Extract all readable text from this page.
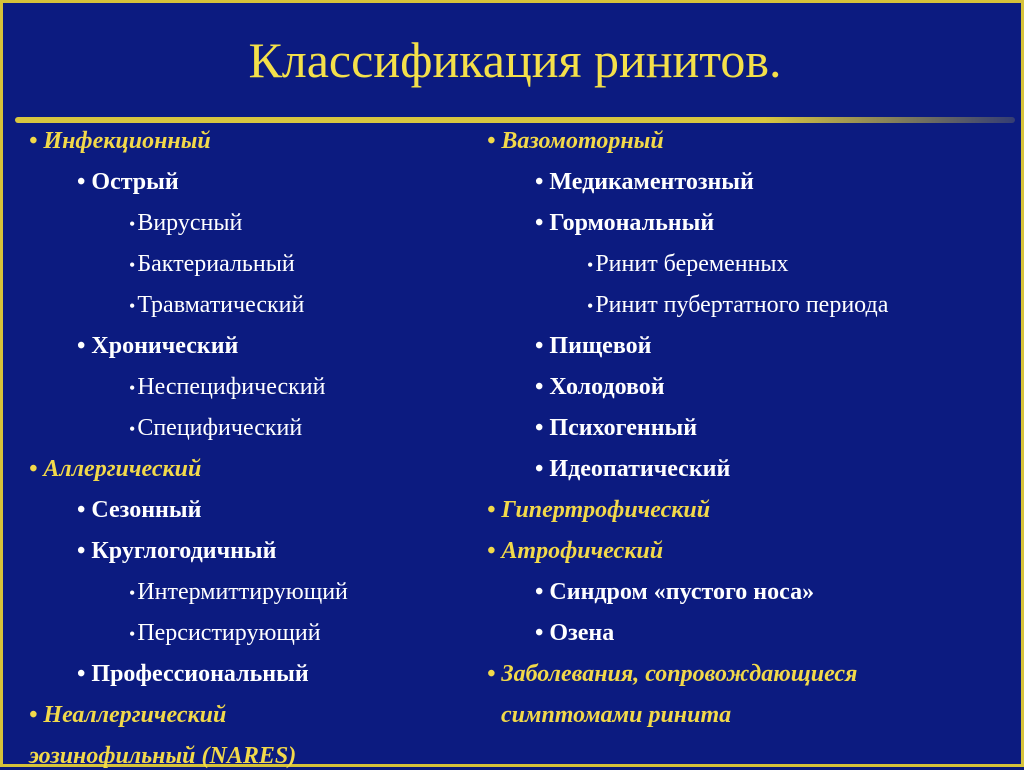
Классификация ринитов.
• Инфекционный
• Острый
•Вирусный
•Бактериальный
•Травматический
• Хронический
•Неспецифический
•Специфический
• Аллергический
• Сезонный
• Круглогодичный
•Интермиттирующий
•Персистирующий
• Профессиональный
• Неаллергический
эозинофильный (NARES)
• Вазомоторный
• Медикаментозный
• Гормональный
•Ринит беременных
•Ринит пубертатного периода
• Пищевой
• Холодовой
• Психогенный
• Идеопатический
• Гипертрофический
• Атрофический
• Синдром «пустого носа»
• Озена
• Заболевания, сопровождающиеся
симптомами ринита
